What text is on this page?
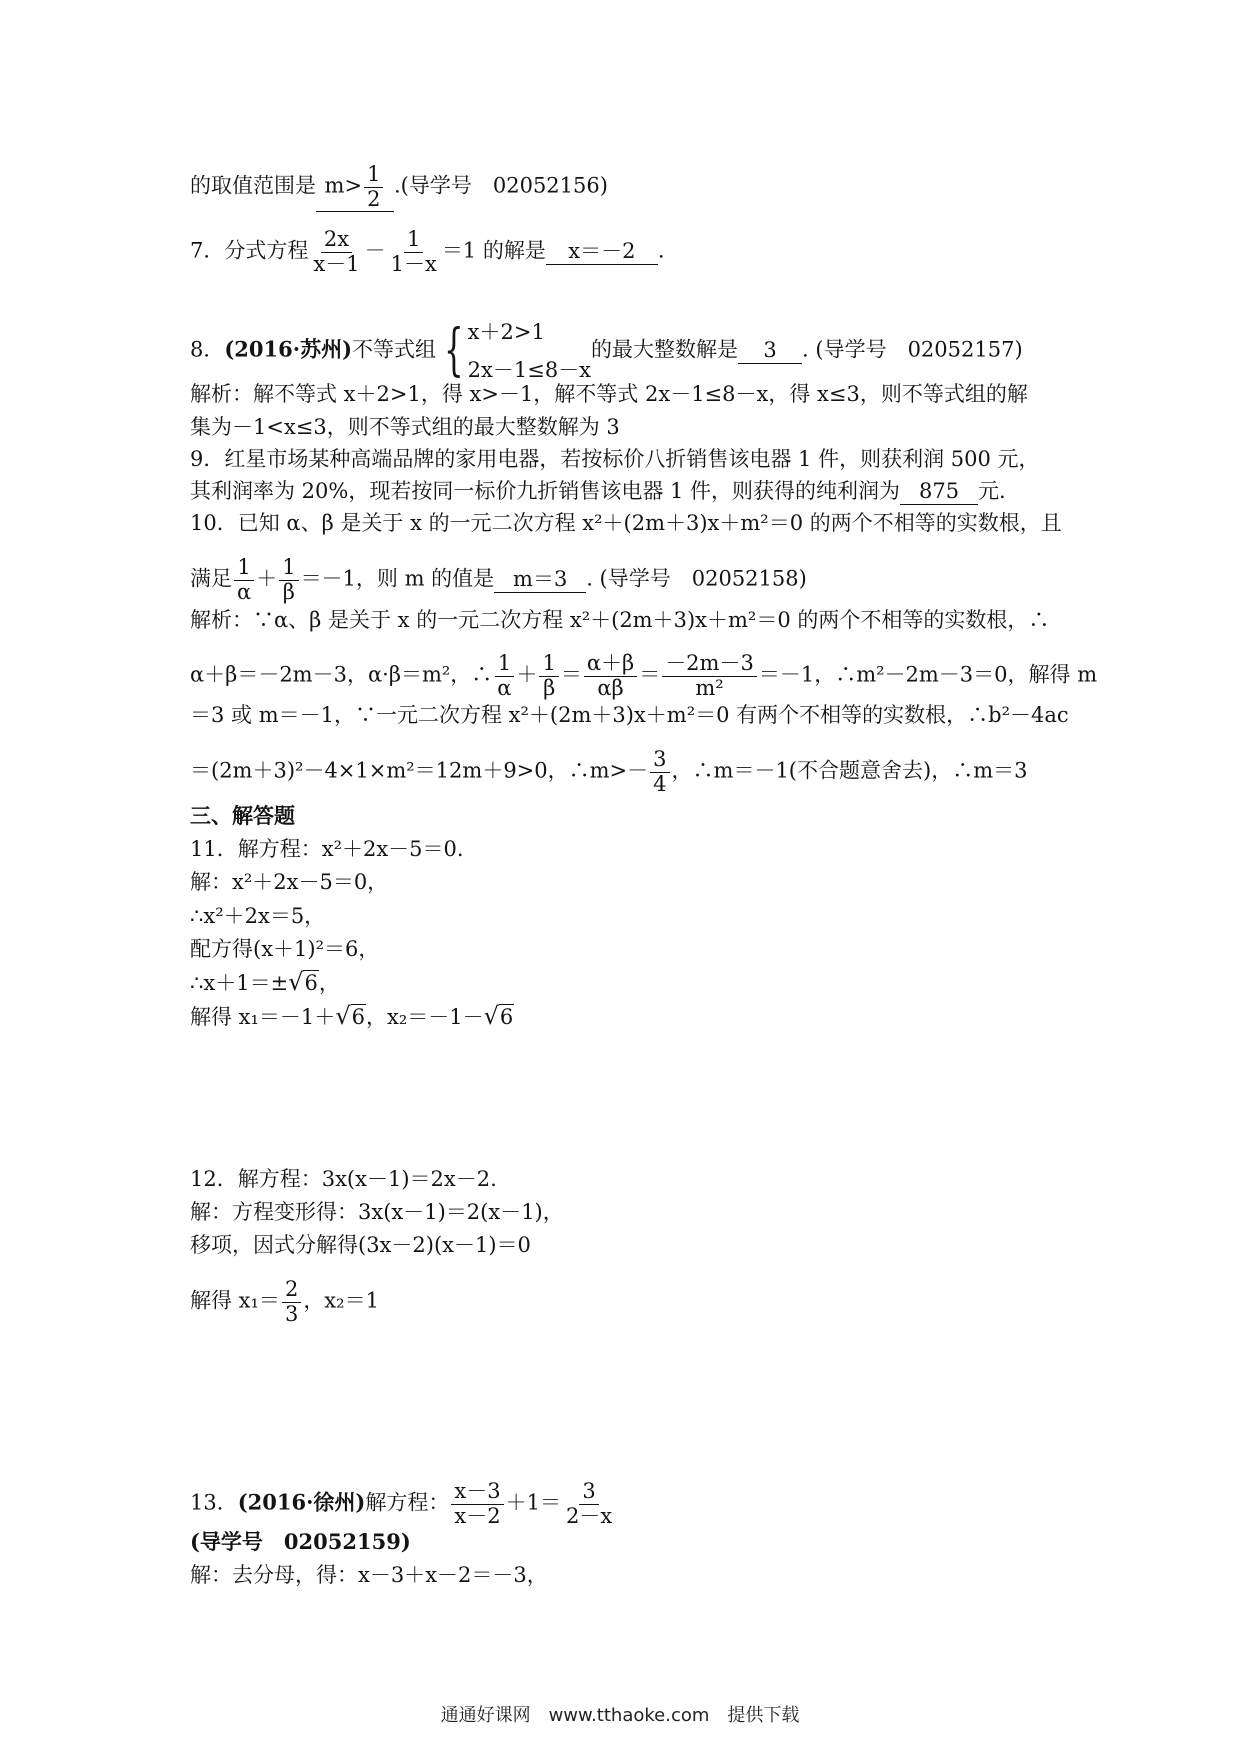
的取值范围是 $m> \frac{1}{2}$ .(导学号　02052156)
7．分式方程 $\frac{2x}{x-1} - \frac{1}{1-x} =1$ 的解是 x＝－2 .
8．(2016·苏州)不等式组 { x＋2>1
2x－1≤8－x
的最大整数解是 3 . (导学号　02052157)
解析：解不等式 x＋2>1，得 x>－1，解不等式 2x－1≤8－x，得 x≤3，则不等式组的解
集为－1<x≤3，则不等式组的最大整数解为 3
9．红星市场某种高端品牌的家用电器，若按标价八折销售该电器 1 件，则获利润 500 元，
其利润率为 20%，现若按同一标价九折销售该电器 1 件，则获得的纯利润为 875 元.
10．已知 α、β 是关于 x 的一元二次方程 x²＋(2m＋3)x＋m²＝0 的两个不相等的实数根，且
满足 $\frac{1}{\alpha} + \frac{1}{\beta} =-1$，则 m 的值是 m＝3 . (导学号　02052158)
解析：∵α、β 是关于 x 的一元二次方程 x²＋(2m＋3)x＋m²＝0 的两个不相等的实数根，∴
α＋β＝－2m－3，α·β＝m²，∴ $\frac{1}{\alpha} + \frac{1}{\beta} = \frac{\alpha+\beta}{\alpha\beta} = \frac{-2m-3}{\text{m²}} =-1$，∴m²－2m－3＝0，解得 m
＝3 或 m＝－1，∵一元二次方程 x²＋(2m＋3)x＋m²＝0 有两个不相等的实数根，∴b²－4ac
＝(2m＋3)²－4×1×m²＝12m＋9>0，∴m>－ $\frac{3}{4}$ ，∴m＝－1(不合题意舍去)，∴m＝3
三、解答题
11．解方程：x²＋2x－5＝0.
解：x²＋2x－5＝0，
∴x²＋2x＝5，
配方得(x＋1)²＝6，
∴x＋1＝±√6，
解得 x₁＝－1＋√6，x₂＝－1－√6
12．解方程：3x(x－1)＝2x－2.
解：方程变形得：3x(x－1)＝2(x－1)，
移项，因式分解得(3x－2)(x－1)＝0
解得 $x_1= \frac{2}{3}$ ，x₂＝1
13．(2016·徐州)解方程： $\frac{x-3}{x-2} +1= \frac{3}{2-x}$
(导学号　02052159)
解：去分母，得：x－3＋x－2＝－3，
通通好课网　www.tthaoke.com　提供下载
